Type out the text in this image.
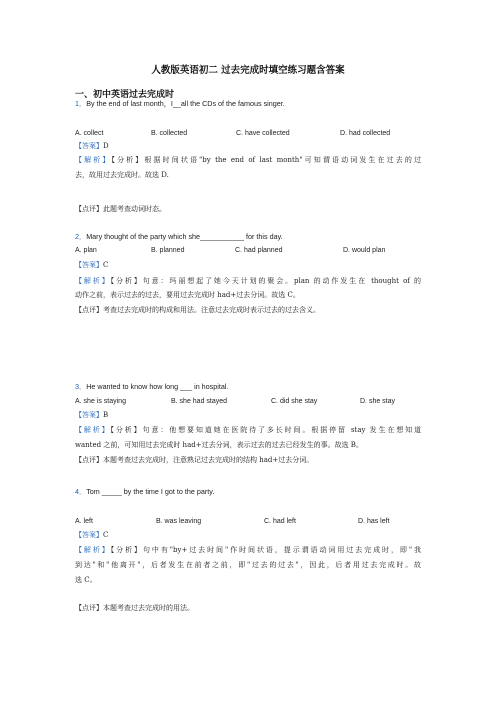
人教版英语初二 过去完成时填空练习题含答案
一、初中英语过去完成时
1．By the end of last month，I__all the CDs of the famous singer.
A. collect	B. collected	C. have collected	D. had collected
【答案】D
【解析】【分析】根据时间状语"by the end of last month"可知谓语动词发生在过去的过
去，故用过去完成时。故选 D.
【点评】此题考查动词时态。
2．Mary thought of the party which she___________ for this day.
A. plan	B. planned	C. had planned	D. would plan
【答案】C
【解析】【分析】句意：玛丽想起了她今天计划的聚会。plan 的动作发生在 thought of 的
动作之前，表示过去的过去，要用过去完成时 had+过去分词。故选 C。
【点评】考查过去完成时的构成和用法。注意过去完成时表示过去的过去含义。
3．He wanted to know how long ___ in hospital.
A. she is staying	B. she had stayed	C. did she stay	D. she stay
【答案】B
【解析】【分析】句意：他想要知道她在医院待了多长时间。根据停留 stay 发生在想知道
wanted 之前，可知用过去完成时 had+过去分词，表示过去的过去已经发生的事。故选 B。
【点评】本题考查过去完成时，注意熟记过去完成时的结构 had+过去分词。
4．Tom _____ by the time I got to the party.
A. left	B. was leaving	C. had left	D. has left
【答案】C
【解析】【分析】句中有"by+过去时间"作时间状语，提示谓语动词用过去完成时，即"我
到达"和"他离开"，后者发生在前者之前，即"过去的过去"，因此，后者用过去完成时。故
选 C。
【点评】本题考查过去完成时的用法。
